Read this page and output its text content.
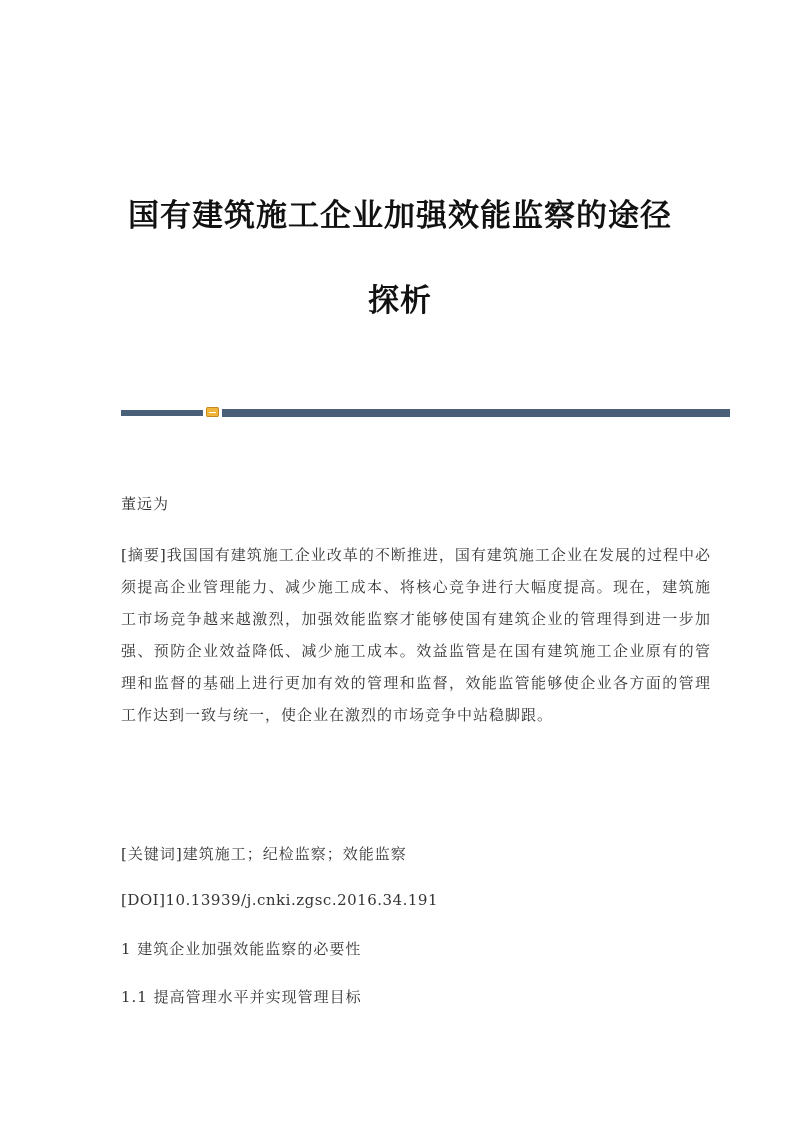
国有建筑施工企业加强效能监察的途径
探析
董远为
[摘要]我国国有建筑施工企业改革的不断推进，国有建筑施工企业在发展的过程中必须提高企业管理能力、减少施工成本、将核心竞争进行大幅度提高。现在，建筑施工市场竞争越来越激烈，加强效能监察才能够使国有建筑企业的管理得到进一步加强、预防企业效益降低、减少施工成本。效益监管是在国有建筑施工企业原有的管理和监督的基础上进行更加有效的管理和监督，效能监管能够使企业各方面的管理工作达到一致与统一，使企业在激烈的市场竞争中站稳脚跟。
[关键词]建筑施工；纪检监察；效能监察
[DOI]10.13939/j.cnki.zgsc.2016.34.191
1 建筑企业加强效能监察的必要性
1.1 提高管理水平并实现管理目标
